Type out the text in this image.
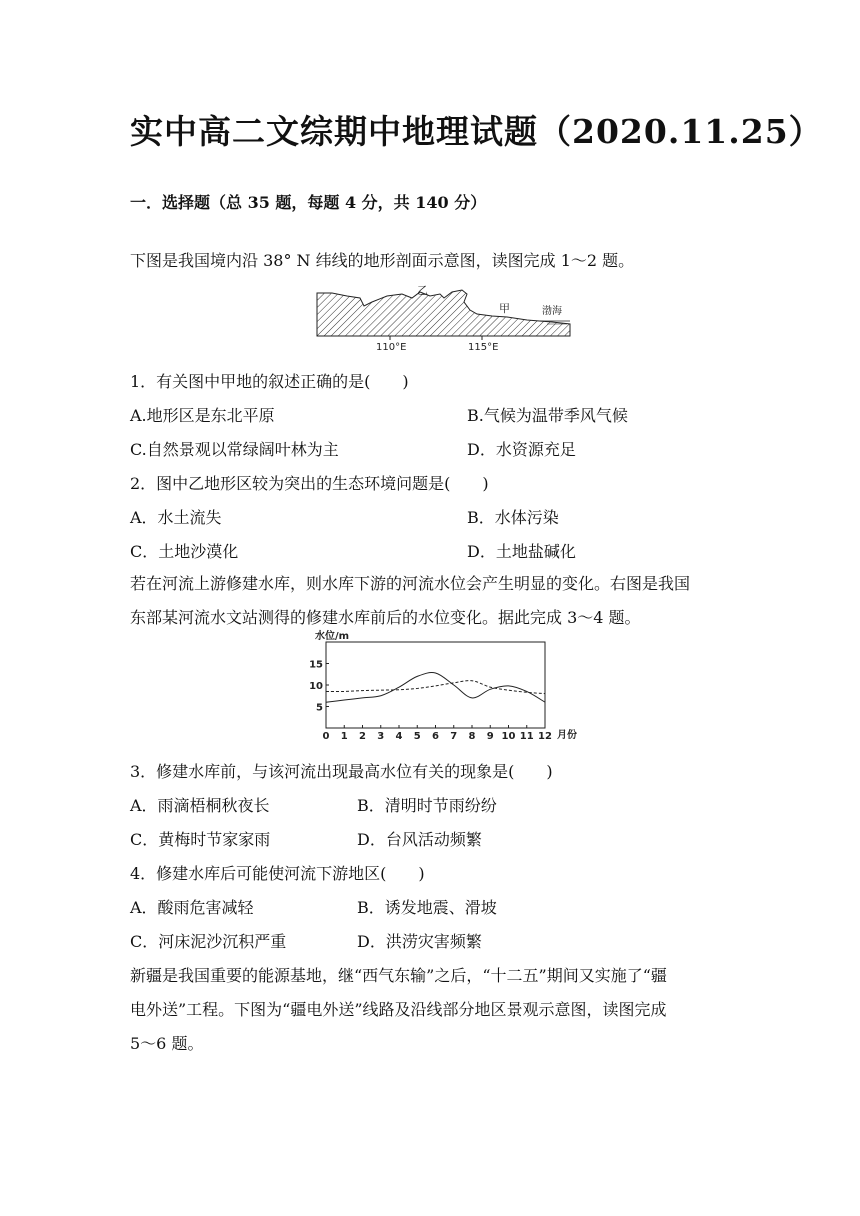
实中高二文综期中地理试题（2020.11.25）
一．选择题（总 35 题，每题 4 分，共 140 分）
下图是我国境内沿 38° N 纬线的地形剖面示意图，读图完成 1～2 题。
乙
甲	渤海
110°E	115°E
1．有关图中甲地的叙述正确的是(　　)
A.地形区是东北平原	B.气候为温带季风气候
C.自然景观以常绿阔叶林为主	D．水资源充足
2．图中乙地形区较为突出的生态环境问题是(　　)
A．水土流失	B．水体污染
C．土地沙漠化	D．土地盐碱化
若在河流上游修建水库，则水库下游的河流水位会产生明显的变化。右图是我国
东部某河流水文站测得的修建水库前后的水位变化。据此完成 3～4 题。
水位/m
月份
0 1 2 3 4 5 6 7 8 9 10 11 12
5
10
15
3．修建水库前，与该河流出现最高水位有关的现象是(　　)
A．雨滴梧桐秋夜长	B．清明时节雨纷纷
C．黄梅时节家家雨	D．台风活动频繁
4．修建水库后可能使河流下游地区(　　)
A．酸雨危害减轻	B．诱发地震、滑坡
C．河床泥沙沉积严重	D．洪涝灾害频繁
新疆是我国重要的能源基地，继“西气东输”之后，“十二五”期间又实施了“疆
电外送”工程。下图为“疆电外送”线路及沿线部分地区景观示意图，读图完成
5～6 题。
